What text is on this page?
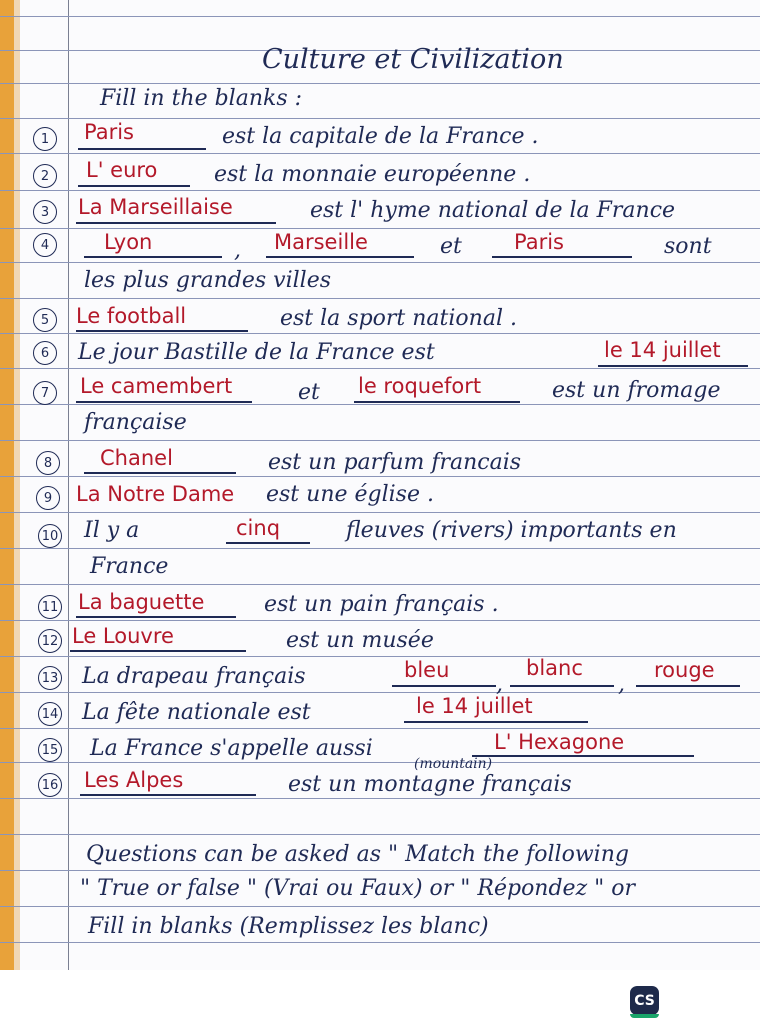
Culture et Civilization
Fill in the blanks :
1	Paris	est la capitale de la France .
2	L' euro	est la monnaie européenne .
3	La Marseillaise	est l' hyme national de la France
4	Lyon	, Marseille	et Paris	sont
les plus grandes villes
5	Le football	est la sport national .
6	Le jour Bastille de la France est	le 14 juillet
7	Le camembert	et le roquefort	est un fromage
française
8	Chanel	est un parfum francais
9	La Notre Dame est une église .
10 Il y a	cinq	fleuves (rivers) importants en
France
11 La baguette	est un pain français .
12 Le Louvre	est un musée
13 La drapeau français	bleu
,
blanc
,
rouge
14 La fête nationale est	le 14 juillet
15 La France s'appelle aussi	L' Hexagone
(mountain)
16 Les Alpes	est un montagne français
Questions can be asked as " Match the following
" True or false " (Vrai ou Faux) or " Répondez " or
Fill in blanks (Remplissez les blanc)
CS
